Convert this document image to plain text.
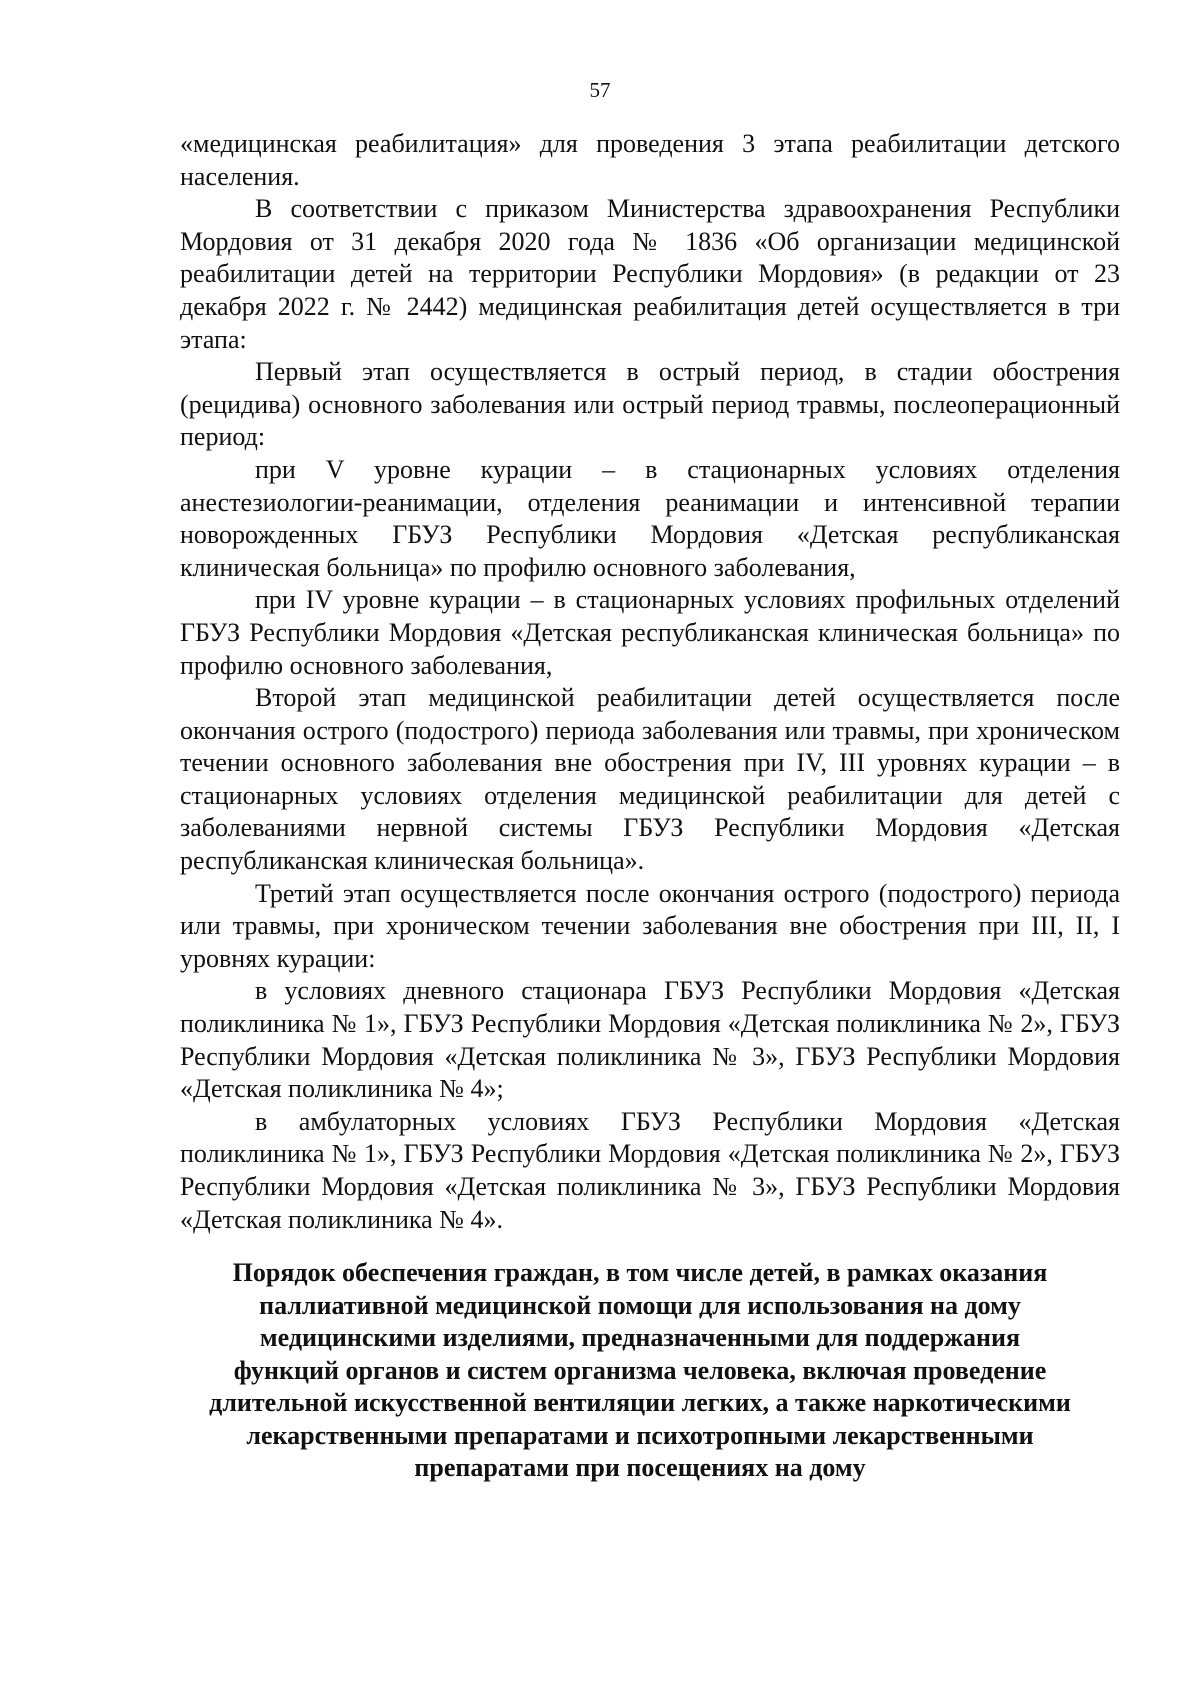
57

«медицинская реабилитация» для проведения 3 этапа реабилитации детского населения.

В соответствии с приказом Министерства здравоохранения Республики Мордовия от 31 декабря 2020 года № 1836 «Об организации медицинской реабилитации детей на территории Республики Мордовия» (в редакции от 23 декабря 2022 г. № 2442) медицинская реабилитация детей осуществляется в три этапа:

Первый этап осуществляется в острый период, в стадии обострения (рецидива) основного заболевания или острый период травмы, послеоперационный период:

при V уровне курации – в стационарных условиях отделения анестезиологии-реанимации, отделения реанимации и интенсивной терапии новорожденных ГБУЗ Республики Мордовия «Детская республиканская клиническая больница» по профилю основного заболевания,

при IV уровне курации – в стационарных условиях профильных отделений ГБУЗ Республики Мордовия «Детская республиканская клиническая больница» по профилю основного заболевания,

Второй этап медицинской реабилитации детей осуществляется после окончания острого (подострого) периода заболевания или травмы, при хроническом течении основного заболевания вне обострения при IV, III уровнях курации – в стационарных условиях отделения медицинской реабилитации для детей с заболеваниями нервной системы ГБУЗ Республики Мордовия «Детская республиканская клиническая больница».

Третий этап осуществляется после окончания острого (подострого) периода или травмы, при хроническом течении заболевания вне обострения при III, II, I уровнях курации:

в условиях дневного стационара ГБУЗ Республики Мордовия «Детская поликлиника № 1», ГБУЗ Республики Мордовия «Детская поликлиника № 2», ГБУЗ Республики Мордовия «Детская поликлиника № 3», ГБУЗ Республики Мордовия «Детская поликлиника № 4»;

в амбулаторных условиях ГБУЗ Республики Мордовия «Детская поликлиника № 1», ГБУЗ Республики Мордовия «Детская поликлиника № 2», ГБУЗ Республики Мордовия «Детская поликлиника № 3», ГБУЗ Республики Мордовия «Детская поликлиника № 4».

Порядок обеспечения граждан, в том числе детей, в рамках оказания
паллиативной медицинской помощи для использования на дому
медицинскими изделиями, предназначенными для поддержания
функций органов и систем организма человека, включая проведение
длительной искусственной вентиляции легких, а также наркотическими
лекарственными препаратами и психотропными лекарственными
препаратами при посещениях на дому
